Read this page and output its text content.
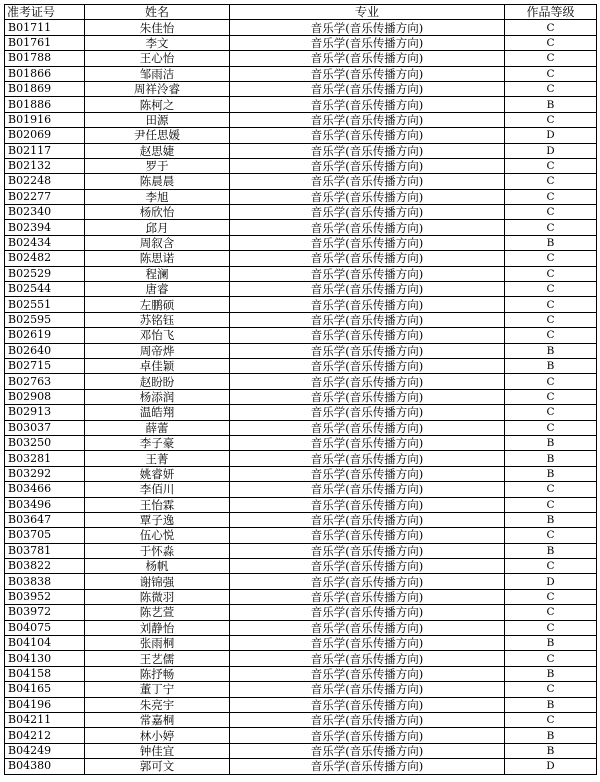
准考证号	姓名	专业	作品等级
B01711	朱佳怡	音乐学(音乐传播方向)	C
B01761	李文	音乐学(音乐传播方向)	C
B01788	王心怡	音乐学(音乐传播方向)	C
B01866	邹雨洁	音乐学(音乐传播方向)	C
B01869	周祥泠睿	音乐学(音乐传播方向)	C
B01886	陈柯之	音乐学(音乐传播方向)	B
B01916	田源	音乐学(音乐传播方向)	C
B02069	尹任思媛	音乐学(音乐传播方向)	D
B02117	赵思婕	音乐学(音乐传播方向)	D
B02132	罗于	音乐学(音乐传播方向)	C
B02248	陈晨晨	音乐学(音乐传播方向)	C
B02277	李旭	音乐学(音乐传播方向)	C
B02340	杨欣怡	音乐学(音乐传播方向)	C
B02394	邱月	音乐学(音乐传播方向)	C
B02434	周叙含	音乐学(音乐传播方向)	B
B02482	陈思诺	音乐学(音乐传播方向)	C
B02529	程澜	音乐学(音乐传播方向)	C
B02544	唐睿	音乐学(音乐传播方向)	C
B02551	左鹏硕	音乐学(音乐传播方向)	C
B02595	苏铭钰	音乐学(音乐传播方向)	C
B02619	邓怡飞	音乐学(音乐传播方向)	C
B02640	周帝烨	音乐学(音乐传播方向)	B
B02715	卓佳颖	音乐学(音乐传播方向)	B
B02763	赵盼盼	音乐学(音乐传播方向)	C
B02908	杨添润	音乐学(音乐传播方向)	C
B02913	温皓翔	音乐学(音乐传播方向)	C
B03037	薛蕾	音乐学(音乐传播方向)	C
B03250	李子豪	音乐学(音乐传播方向)	B
B03281	王菁	音乐学(音乐传播方向)	B
B03292	姚睿妍	音乐学(音乐传播方向)	B
B03466	李佰川	音乐学(音乐传播方向)	C
B03496	王怡霖	音乐学(音乐传播方向)	C
B03647	覃子逸	音乐学(音乐传播方向)	B
B03705	伍心悦	音乐学(音乐传播方向)	C
B03781	于怀淼	音乐学(音乐传播方向)	B
B03822	杨帆	音乐学(音乐传播方向)	C
B03838	谢锦强	音乐学(音乐传播方向)	D
B03952	陈微羽	音乐学(音乐传播方向)	C
B03972	陈艺萱	音乐学(音乐传播方向)	C
B04075	刘静怡	音乐学(音乐传播方向)	C
B04104	张雨桐	音乐学(音乐传播方向)	B
B04130	王艺儒	音乐学(音乐传播方向)	C
B04158	陈抒畅	音乐学(音乐传播方向)	B
B04165	董丁宁	音乐学(音乐传播方向)	C
B04196	朱亮宇	音乐学(音乐传播方向)	B
B04211	常嘉桐	音乐学(音乐传播方向)	C
B04212	林小婷	音乐学(音乐传播方向)	B
B04249	钟佳宜	音乐学(音乐传播方向)	B
B04380	郭可文	音乐学(音乐传播方向)	D
